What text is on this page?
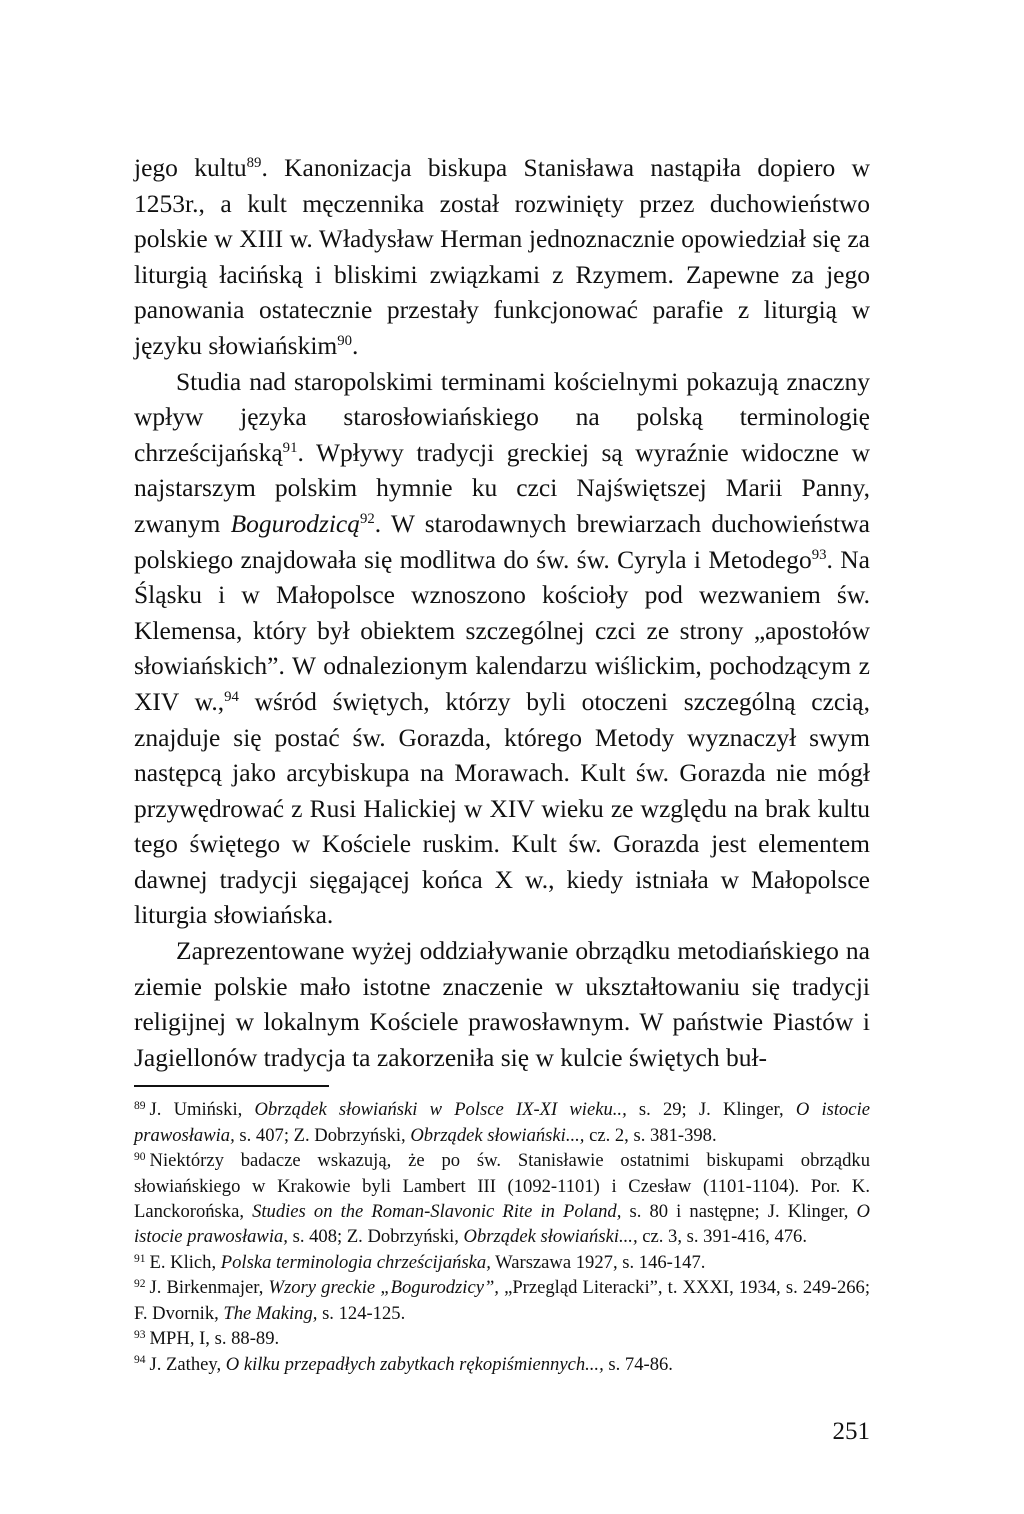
jego kultu$^{89}$. Kanonizacja biskupa Stanisława nastąpiła dopiero w 1253r., a kult męczennika został rozwinięty przez duchowieństwo polskie w XIII w. Władysław Herman jednoznacznie opowiedział się za liturgią łacińską i bliskimi związkami z Rzymem. Zapewne za jego panowania ostatecznie przestały funkcjonować parafie z liturgią w języku słowiańskim$^{90}$.

Studia nad staropolskimi terminami kościelnymi pokazują znaczny wpływ języka starosłowiańskiego na polską terminologię chrześcijańską$^{91}$. Wpływy tradycji greckiej są wyraźnie widoczne w najstarszym polskim hymnie ku czci Najświętszej Marii Panny, zwanym Bogurodzicą$^{92}$. W starodawnych brewiarzach duchowieństwa polskiego znajdowała się modlitwa do św. św. Cyryla i Metodego$^{93}$. Na Śląsku i w Małopolsce wznoszono kościoły pod wezwaniem św. Klemensa, który był obiektem szczególnej czci ze strony „apostołów słowiańskich”. W odnalezionym kalendarzu wiślickim, pochodzącym z XIV w.,$^{94}$ wśród świętych, którzy byli otoczeni szczególną czcią, znajduje się postać św. Gorazda, którego Metody wyznaczył swym następcą jako arcybiskupa na Morawach. Kult św. Gorazda nie mógł przywędrować z Rusi Halickiej w XIV wieku ze względu na brak kultu tego świętego w Kościele ruskim. Kult św. Gorazda jest elementem dawnej tradycji sięgającej końca X w., kiedy istniała w Małopolsce liturgia słowiańska.

Zaprezentowane wyżej oddziaływanie obrządku metodiańskiego na ziemie polskie mało istotne znaczenie w ukształtowaniu się tradycji religijnej w lokalnym Kościele prawosławnym. W państwie Piastów i Jagiellonów tradycja ta zakorzeniła się w kulcie świętych buł-

$^{89}$ J. Umiński, Obrządek słowiański w Polsce IX-XI wieku.., s. 29; J. Klinger, O istocie prawosławia, s. 407; Z. Dobrzyński, Obrządek słowiański..., cz. 2, s. 381-398.

$^{90}$ Niektórzy badacze wskazują, że po św. Stanisławie ostatnimi biskupami obrządku słowiańskiego w Krakowie byli Lambert III (1092-1101) i Czesław (1101-1104). Por. K. Lanckorońska, Studies on the Roman-Slavonic Rite in Poland, s. 80 i następne; J. Klinger, O istocie prawosławia, s. 408; Z. Dobrzyński, Obrządek słowiański..., cz. 3, s. 391-416, 476.

$^{91}$ E. Klich, Polska terminologia chrześcijańska, Warszawa 1927, s. 146-147.

$^{92}$ J. Birkenmajer, Wzory greckie „Bogurodzicy”, „Przegląd Literacki”, t. XXXI, 1934, s. 249-266; F. Dvornik, The Making, s. 124-125.

$^{93}$ MPH, I, s. 88-89.

$^{94}$ J. Zathey, O kilku przepadłych zabytkach rękopiśmiennych..., s. 74-86.

251
